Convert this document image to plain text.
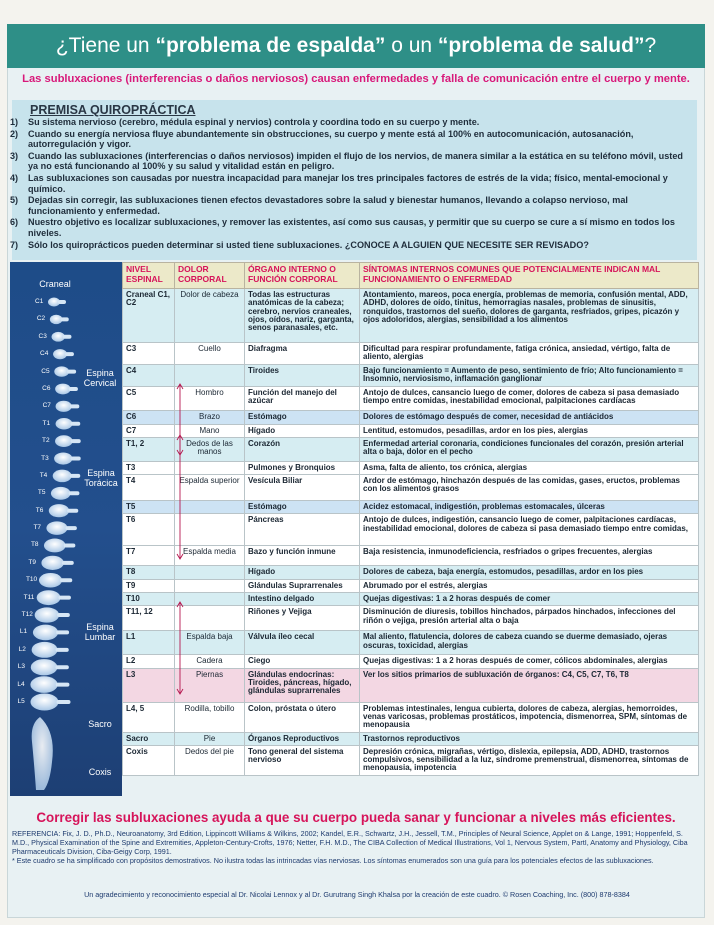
¿Tiene un “problema de espalda” o un “problema de salud”?
Las subluxaciones (interferencias o daños nerviosos) causan enfermedades y falla de comunicación entre el cuerpo y mente.
PREMISA QUIROPRÁCTICA
1) Su sistema nervioso (cerebro, médula espinal y nervios) controla y coordina todo en su cuerpo y mente.
2) Cuando su energía nerviosa fluye abundantemente sin obstrucciones, su cuerpo y mente está al 100% en autocomunicación, autosanación, autorregulación y vigor.
3) Cuando las subluxaciones (interferencias o daños nerviosos) impiden el flujo de los nervios, de manera similar a la estática en su teléfono móvil, usted ya no está funcionando al 100% y su salud y vitalidad están en peligro.
4) Las subluxaciones son causadas por nuestra incapacidad para manejar los tres principales factores de estrés de la vida; físico, mental-emocional y químico.
5) Dejadas sin corregir, las subluxaciones tienen efectos devastadores sobre la salud y bienestar humanos, llevando a colapso nervioso, mal funcionamiento y enfermedad.
6) Nuestro objetivo es localizar subluxaciones, y remover las existentes, así como sus causas, y permitir que su cuerpo se cure a sí mismo en todos los niveles.
7) Sólo los quiroprácticos pueden determinar si usted tiene subluxaciones. ¿CONOCE A ALGUIEN QUE NECESITE SER REVISADO?
Craneal
Espina Cervical
Espina Torácica
Espina Lumbar
Sacro
Coxis
C1
C2
C3
C4
C5
C6
C7
T1
T2
T3
T4
T5
T6
T7
T8
T9
T10
T11
T12
L1
L2
L3
L4
L5
NIVEL ESPINAL	DOLOR CORPORAL	ÓRGANO INTERNO O FUNCIÓN CORPORAL	SÍNTOMAS INTERNOS COMUNES QUE POTENCIALMENTE INDICAN MAL FUNCIONAMIENTO O ENFERMEDAD
Craneal C1, C2	Dolor de cabeza	Todas las estructuras anatómicas de la cabeza; cerebro, nervios craneales, ojos, oídos, nariz, garganta, senos paranasales, etc.	Atontamiento, mareos, poca energía, problemas de memoria, confusión mental, ADD, ADHD, dolores de oído, tinitus, hemorragias nasales, problemas de sinusitis, ronquidos, trastornos del sueño, dolores de garganta, resfriados, gripes, picazón y ojos adoloridos, alergias, sensibilidad a los alimentos
C3	Cuello	Diafragma	Dificultad para respirar profundamente, fatiga crónica, ansiedad, vértigo, falta de aliento, alergias
C4		Tiroides	Bajo funcionamiento = Aumento de peso, sentimiento de frío; Alto funcionamiento = Insomnio, nerviosismo, inflamación ganglionar
C5	Hombro	Función del manejo del azúcar	Antojo de dulces, cansancio luego de comer, dolores de cabeza si pasa demasiado tiempo entre comidas, inestabilidad emocional, palpitaciones cardíacas
C6	Brazo	Estómago	Dolores de estómago después de comer, necesidad de antiácidos
C7	Mano	Hígado	Lentitud, estomudos, pesadillas, ardor en los pies, alergias
T1, 2	Dedos de las manos	Corazón	Enfermedad arterial coronaria, condiciones funcionales del corazón, presión arterial alta o baja, dolor en el pecho
T3		Pulmones y Bronquios	Asma, falta de aliento, tos crónica, alergias
T4	Espalda superior	Vesícula Biliar	Ardor de estómago, hinchazón después de las comidas, gases, eructos, problemas con los alimentos grasos
T5		Estómago	Acidez estomacal, indigestión, problemas estomacales, úlceras
T6		Páncreas	Antojo de dulces, indigestión, cansancio luego de comer, palpitaciones cardíacas, inestabilidad emocional, dolores de cabeza si pasa demasiado tiempo entre comidas,
T7	Espalda media	Bazo y función inmune	Baja resistencia, inmunodeficiencia, resfriados o gripes frecuentes, alergias
T8		Hígado	Dolores de cabeza, baja energía, estomudos, pesadillas, ardor en los pies
T9		Glándulas Suprarrenales	Abrumado por el estrés, alergias
T10		Intestino delgado	Quejas digestivas: 1 a 2 horas después de comer
T11, 12		Riñones y Vejiga	Disminución de diuresis, tobillos hinchados, párpados hinchados, infecciones del riñón o vejiga, presión arterial alta o baja
L1	Espalda baja	Válvula íleo cecal	Mal aliento, flatulencia, dolores de cabeza cuando se duerme demasiado, ojeras oscuras, toxicidad, alergias
L2	Cadera	Ciego	Quejas digestivas: 1 a 2 horas después de comer, cólicos abdominales, alergias
L3	Piernas	Glándulas endocrinas: Tiroides, páncreas, hígado, glándulas suprarrenales	Ver los sitios primarios de subluxación de órganos: C4, C5, C7, T6, T8
L4, 5	Rodilla, tobillo	Colon, próstata o útero	Problemas intestinales, lengua cubierta, dolores de cabeza, alergias, hemorroides, venas varicosas, problemas prostáticos, impotencia, dismenorrea, SPM, síntomas de menopausia
Sacro	Pie	Órganos Reproductivos	Trastornos reproductivos
Coxis	Dedos del pie	Tono general del sistema nervioso	Depresión crónica, migrañas, vértigo, dislexia, epilepsia, ADD, ADHD, trastornos compulsivos, sensibilidad a la luz, síndrome premenstrual, dismenorrea, síntomas de menopausia, impotencia
Corregir las subluxaciones ayuda a que su cuerpo pueda sanar y funcionar a niveles más eficientes.
REFERENCIA: Fix, J. D., Ph.D., Neuroanatomy, 3rd Edition, Lippincott Williams & Wilkins, 2002; Kandel, E.R., Schwartz, J.H., Jessell, T.M., Principles of Neural Science, Applet on & Lange, 1991; Hoppenfeld, S. M.D., Physical Examination of the Spine and Extremities, Appleton-Century-Crofts, 1976; Netter, F.H. M.D., The CIBA Collection of Medical Illustrations, Vol 1, Nervous System, PartI, Anatomy and Physiology, Ciba Pharmaceuticals Division, Ciba-Geigy Corp, 1991.
* Este cuadro se ha simplificado con propósitos demostrativos. No ilustra todas las intrincadas vías nerviosas. Los síntomas enumerados son una guía para los potenciales efectos de las subluxaciones.
Un agradecimiento y reconocimiento especial al Dr. Nicolai Lennox y al Dr. Gurutrang Singh Khalsa por la creación de este cuadro. © Rosen Coaching, Inc. (800) 878-8384
